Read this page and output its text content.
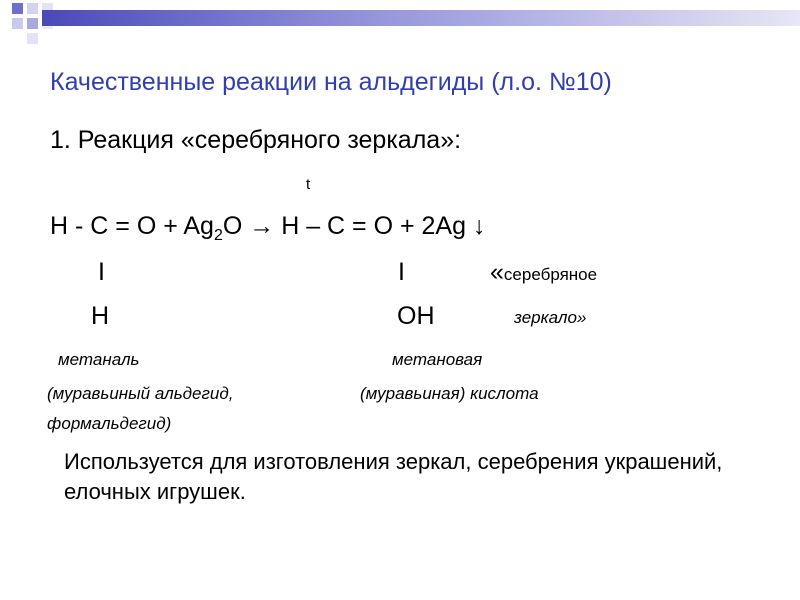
Качественные реакции на альдегиды (л.о. №10)
1. Реакция «серебряного зеркала»:
t
$H - C = O + Ag_2O \to H - C = O + 2Ag$ ↓
I	I	«серебряное
H	OH	зеркало»
метаналь	метановая
(муравьиный альдегид,	(муравьиная) кислота
формальдегид)
Используется для изготовления зеркал, серебрения украшений, елочных игрушек.
